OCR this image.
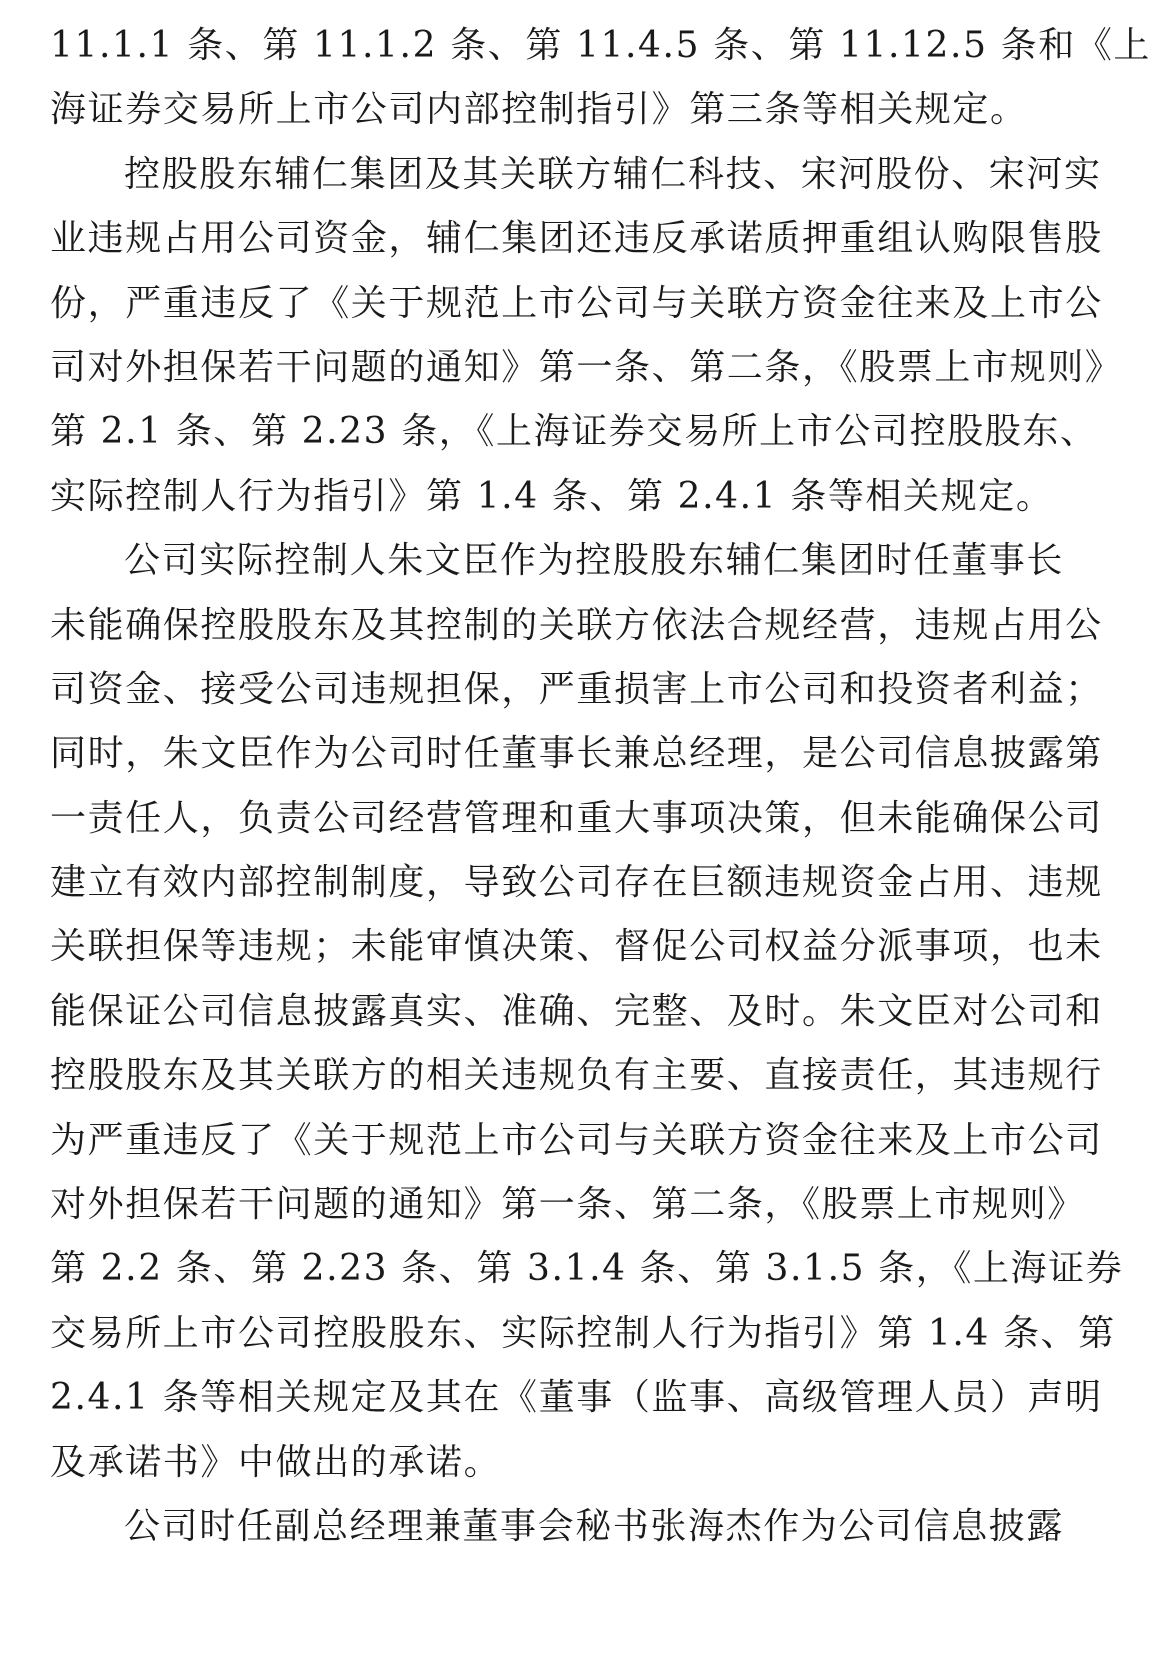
11.1.1 条、第 11.1.2 条、第 11.4.5 条、第 11.12.5 条和《上
海证券交易所上市公司内部控制指引》第三条等相关规定。
控股股东辅仁集团及其关联方辅仁科技、宋河股份、宋河实
业违规占用公司资金，辅仁集团还违反承诺质押重组认购限售股
份，严重违反了《关于规范上市公司与关联方资金往来及上市公
司对外担保若干问题的通知》第一条、第二条，《股票上市规则》
第 2.1 条、第 2.23 条，《上海证券交易所上市公司控股股东、
实际控制人行为指引》第 1.4 条、第 2.4.1 条等相关规定。
公司实际控制人朱文臣作为控股股东辅仁集团时任董事长
未能确保控股股东及其控制的关联方依法合规经营，违规占用公
司资金、接受公司违规担保，严重损害上市公司和投资者利益；
同时，朱文臣作为公司时任董事长兼总经理，是公司信息披露第
一责任人，负责公司经营管理和重大事项决策，但未能确保公司
建立有效内部控制制度，导致公司存在巨额违规资金占用、违规
关联担保等违规；未能审慎决策、督促公司权益分派事项，也未
能保证公司信息披露真实、准确、完整、及时。朱文臣对公司和
控股股东及其关联方的相关违规负有主要、直接责任，其违规行
为严重违反了《关于规范上市公司与关联方资金往来及上市公司
对外担保若干问题的通知》第一条、第二条，《股票上市规则》
第 2.2 条、第 2.23 条、第 3.1.4 条、第 3.1.5 条，《上海证券
交易所上市公司控股股东、实际控制人行为指引》第 1.4 条、第
2.4.1 条等相关规定及其在《董事（监事、高级管理人员）声明
及承诺书》中做出的承诺。
公司时任副总经理兼董事会秘书张海杰作为公司信息披露
